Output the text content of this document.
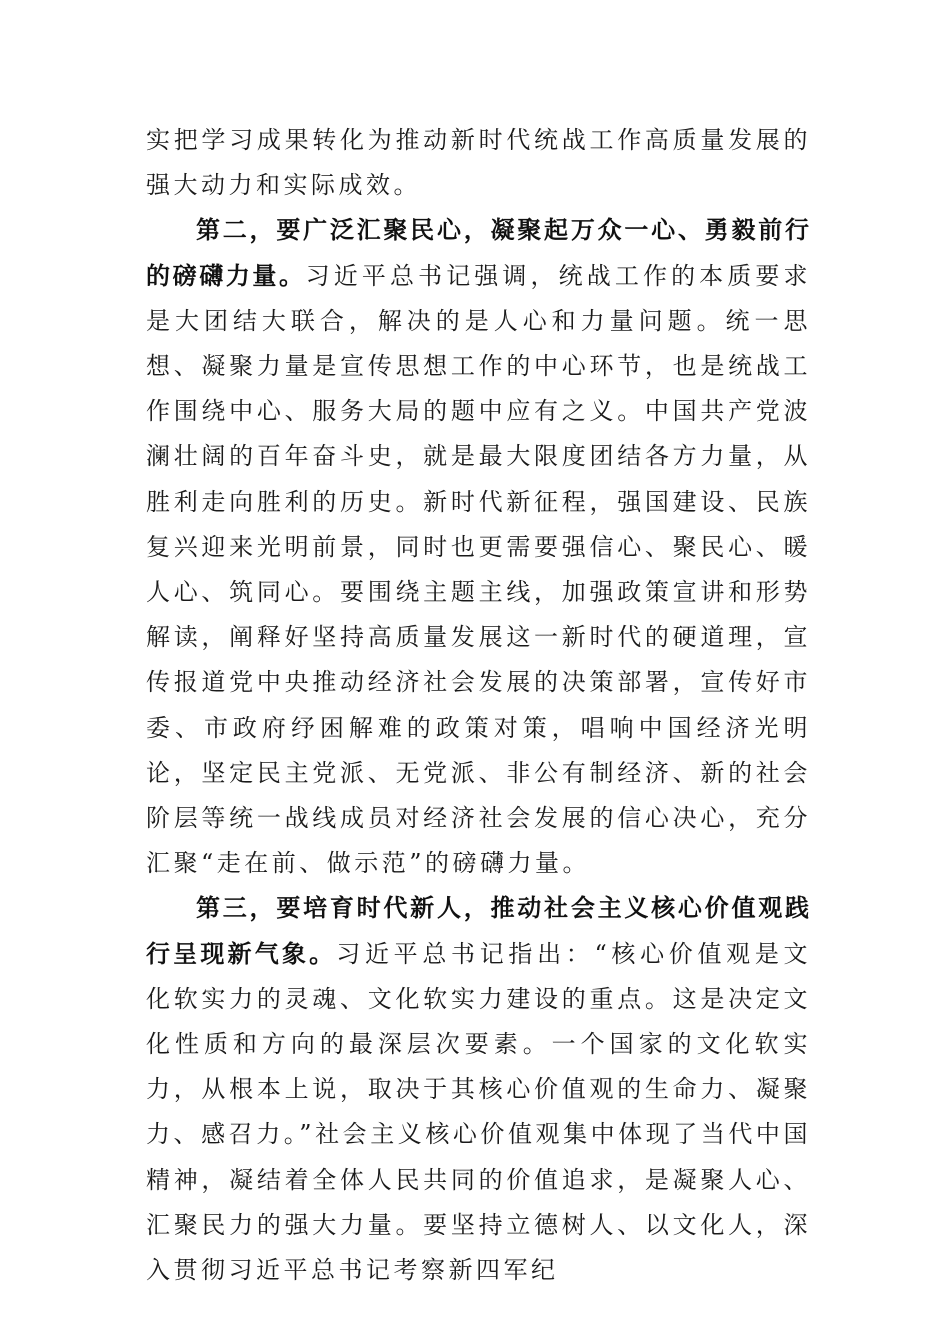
实把学习成果转化为推动新时代统战工作高质量发展的强大动力和实际成效。

第二，要广泛汇聚民心，凝聚起万众一心、勇毅前行的磅礴力量。习近平总书记强调，统战工作的本质要求是大团结大联合，解决的是人心和力量问题。统一思想、凝聚力量是宣传思想工作的中心环节，也是统战工作围绕中心、服务大局的题中应有之义。中国共产党波澜壮阔的百年奋斗史，就是最大限度团结各方力量，从胜利走向胜利的历史。新时代新征程，强国建设、民族复兴迎来光明前景，同时也更需要强信心、聚民心、暖人心、筑同心。要围绕主题主线，加强政策宣讲和形势解读，阐释好坚持高质量发展这一新时代的硬道理，宣传报道党中央推动经济社会发展的决策部署，宣传好市委、市政府纾困解难的政策对策，唱响中国经济光明论，坚定民主党派、无党派、非公有制经济、新的社会阶层等统一战线成员对经济社会发展的信心决心，充分汇聚“走在前、做示范”的磅礴力量。

第三，要培育时代新人，推动社会主义核心价值观践行呈现新气象。习近平总书记指出：“核心价值观是文化软实力的灵魂、文化软实力建设的重点。这是决定文化性质和方向的最深层次要素。一个国家的文化软实力，从根本上说，取决于其核心价值观的生命力、凝聚力、感召力。”社会主义核心价值观集中体现了当代中国精神，凝结着全体人民共同的价值追求，是凝聚人心、汇聚民力的强大力量。要坚持立德树人、以文化人，深入贯彻习近平总书记考察新四军纪
